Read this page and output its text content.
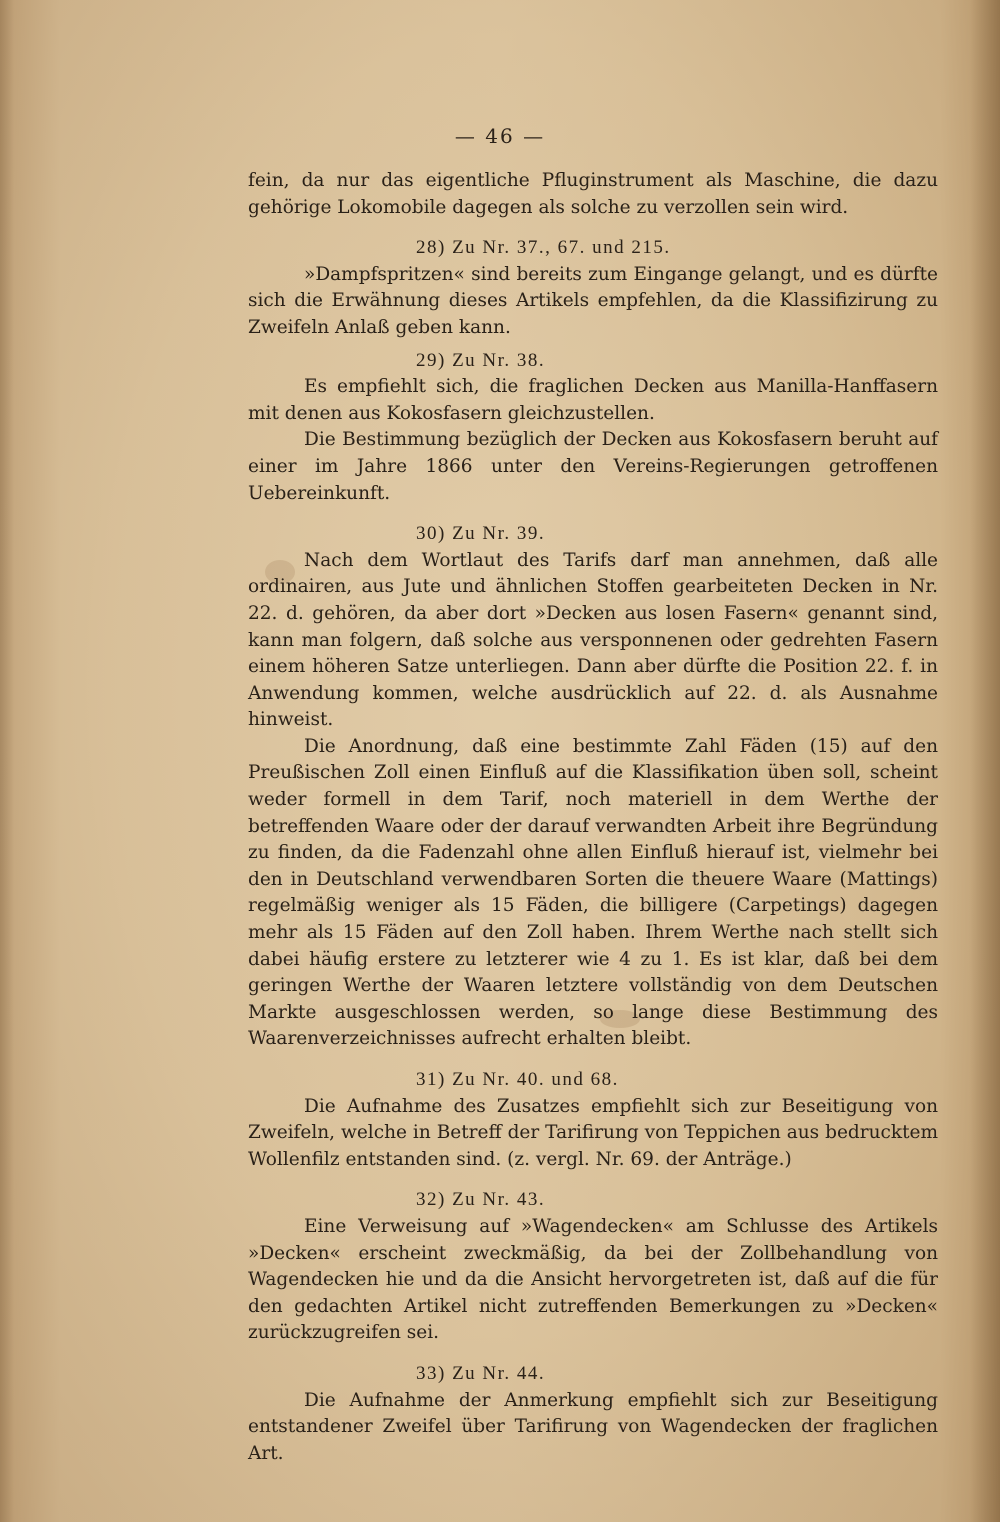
— 46 —

fein, da nur das eigentliche Pfluginstrument als Maschine, die dazu gehörige Lokomobile dagegen als solche zu verzollen sein wird.

28) Zu Nr. 37., 67. und 215.

»Dampfspritzen« sind bereits zum Eingange gelangt, und es dürfte sich die Erwähnung dieses Artikels empfehlen, da die Klassifizirung zu Zweifeln Anlaß geben kann.

29) Zu Nr. 38.

Es empfiehlt sich, die fraglichen Decken aus Manilla-Hanffasern mit denen aus Kokosfasern gleichzustellen.

Die Bestimmung bezüglich der Decken aus Kokosfasern beruht auf einer im Jahre 1866 unter den Vereins-Regierungen getroffenen Uebereinkunft.

30) Zu Nr. 39.

Nach dem Wortlaut des Tarifs darf man annehmen, daß alle ordinairen, aus Jute und ähnlichen Stoffen gearbeiteten Decken in Nr. 22. d. gehören, da aber dort »Decken aus losen Fasern« genannt sind, kann man folgern, daß solche aus versponnenen oder gedrehten Fasern einem höheren Satze unterliegen. Dann aber dürfte die Position 22. f. in Anwendung kommen, welche ausdrücklich auf 22. d. als Ausnahme hinweist.

Die Anordnung, daß eine bestimmte Zahl Fäden (15) auf den Preußischen Zoll einen Einfluß auf die Klassifikation üben soll, scheint weder formell in dem Tarif, noch materiell in dem Werthe der betreffenden Waare oder der darauf verwandten Arbeit ihre Begründung zu finden, da die Fadenzahl ohne allen Einfluß hierauf ist, vielmehr bei den in Deutschland verwendbaren Sorten die theuere Waare (Mattings) regelmäßig weniger als 15 Fäden, die billigere (Carpetings) dagegen mehr als 15 Fäden auf den Zoll haben. Ihrem Werthe nach stellt sich dabei häufig erstere zu letzterer wie 4 zu 1. Es ist klar, daß bei dem geringen Werthe der Waaren letztere vollständig von dem Deutschen Markte ausgeschlossen werden, so lange diese Bestimmung des Waarenverzeichnisses aufrecht erhalten bleibt.

31) Zu Nr. 40. und 68.

Die Aufnahme des Zusatzes empfiehlt sich zur Beseitigung von Zweifeln, welche in Betreff der Tarifirung von Teppichen aus bedrucktem Wollenfilz entstanden sind. (z. vergl. Nr. 69. der Anträge.)

32) Zu Nr. 43.

Eine Verweisung auf »Wagendecken« am Schlusse des Artikels »Decken« erscheint zweckmäßig, da bei der Zollbehandlung von Wagendecken hie und da die Ansicht hervorgetreten ist, daß auf die für den gedachten Artikel nicht zutreffenden Bemerkungen zu »Decken« zurückzugreifen sei.

33) Zu Nr. 44.

Die Aufnahme der Anmerkung empfiehlt sich zur Beseitigung entstandener Zweifel über Tarifirung von Wagendecken der fraglichen Art.
